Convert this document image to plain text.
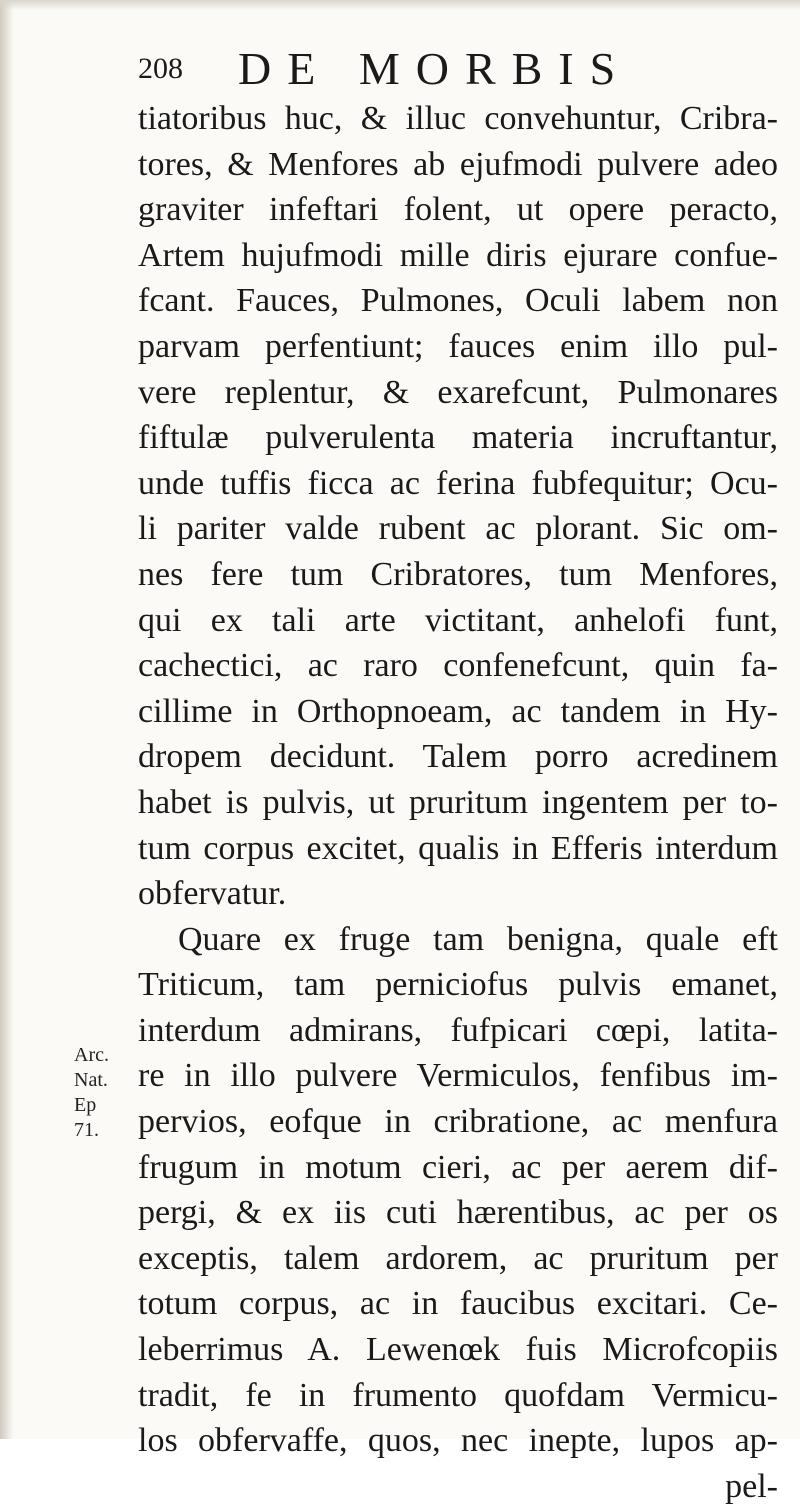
208 DE MORBIS
tiatoribus huc, & illuc convehuntur, Cribra-
tores, & Menfores ab ejufmodi pulvere adeo
graviter infeftari folent, ut opere peracto,
Artem hujufmodi mille diris ejurare confue-
fcant. Fauces, Pulmones, Oculi labem non
parvam perfentiunt; fauces enim illo pul-
vere replentur, & exarefcunt, Pulmonares
fiftulæ pulverulenta materia incruftantur,
unde tuffis ficca ac ferina fubfequitur; Ocu-
li pariter valde rubent ac plorant. Sic om-
nes fere tum Cribratores, tum Menfores,
qui ex tali arte victitant, anhelofi funt,
cachectici, ac raro confenefcunt, quin fa-
cillime in Orthopnoeam, ac tandem in Hy-
dropem decidunt. Talem porro acredinem
habet is pulvis, ut pruritum ingentem per to-
tum corpus excitet, qualis in Efferis interdum
obfervatur.
Quare ex fruge tam benigna, quale eft
Triticum, tam perniciofus pulvis emanet,
interdum admirans, fufpicari cœpi, latita-
re in illo pulvere Vermiculos, fenfibus im-
pervios, eofque in cribratione, ac menfura
frugum in motum cieri, ac per aerem dif-
pergi, & ex iis cuti hærentibus, ac per os
exceptis, talem ardorem, ac pruritum per
totum corpus, ac in faucibus excitari. Ce-
leberrimus A. Lewenœk fuis Microfcopiis
tradit, fe in frumento quofdam Vermicu-
los obfervaffe, quos, nec inepte, lupos ap-
pel-
Arc.
Nat. Ep
71.
